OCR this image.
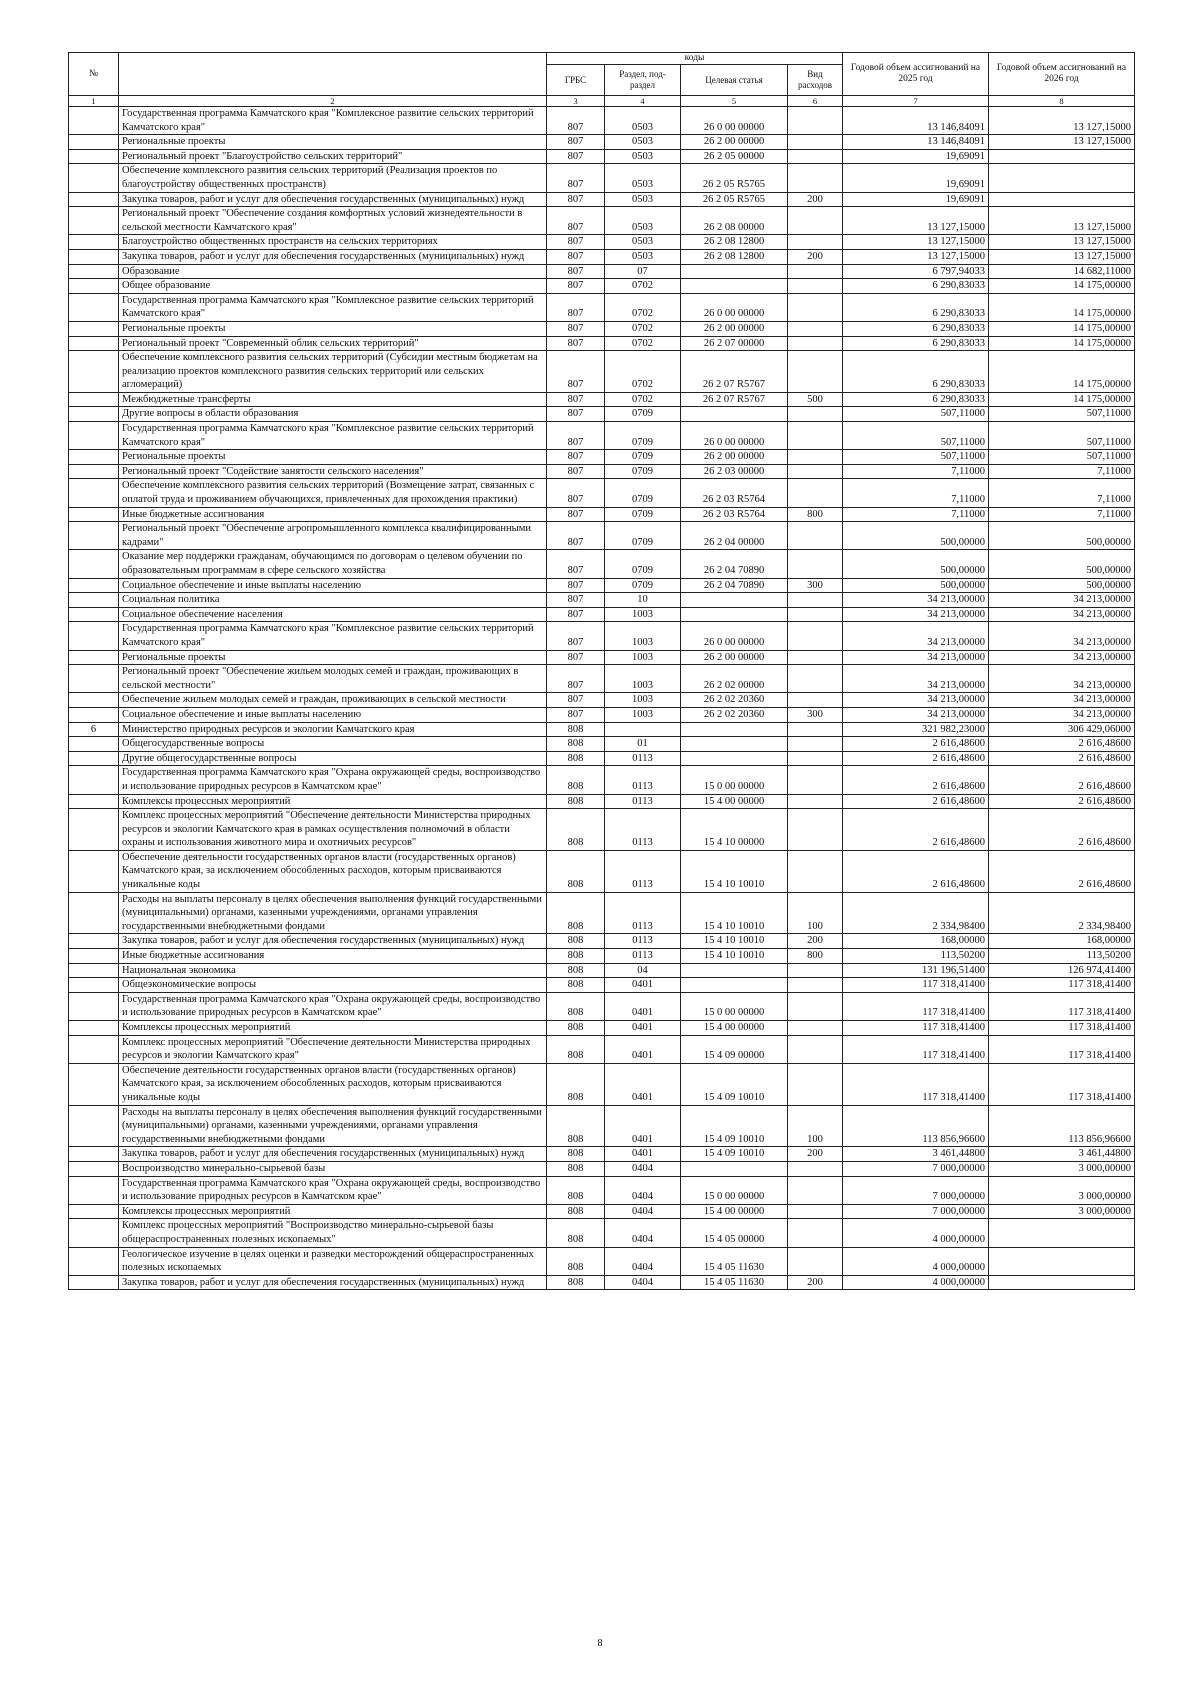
№		коды				Годовой объем ассигнований на 2025 год	Годовой объем ассигнований на 2026 год
		ГРБС	Раздел, под-раздел	Целевая статья	Вид расходов		
1	2	3	4	5	6	7	8
	Государственная программа Камчатского края "Комплексное развитие сельских территорий Камчатского края"	807	0503	26 0 00 00000		13 146,84091	13 127,15000
	Региональные проекты	807	0503	26 2 00 00000		13 146,84091	13 127,15000
	Региональный проект "Благоустройство сельских территорий"	807	0503	26 2 05 00000		19,69091	
	Обеспечение комплексного развития сельских территорий (Реализация проектов по благоустройству общественных пространств)	807	0503	26 2 05 R5765		19,69091	
	Закупка товаров, работ и услуг для обеспечения государственных (муниципальных) нужд	807	0503	26 2 05 R5765	200	19,69091	
	Региональный проект "Обеспечение создания комфортных условий жизнедеятельности в сельской местности Камчатского края"	807	0503	26 2 08 00000		13 127,15000	13 127,15000
	Благоустройство общественных пространств на сельских территориях	807	0503	26 2 08 12800		13 127,15000	13 127,15000
	Закупка товаров, работ и услуг для обеспечения государственных (муниципальных) нужд	807	0503	26 2 08 12800	200	13 127,15000	13 127,15000
	Образование	807	07			6 797,94033	14 682,11000
	Общее образование	807	0702			6 290,83033	14 175,00000
	Государственная программа Камчатского края "Комплексное развитие сельских территорий Камчатского края"	807	0702	26 0 00 00000		6 290,83033	14 175,00000
	Региональные проекты	807	0702	26 2 00 00000		6 290,83033	14 175,00000
	Региональный проект "Современный облик сельских территорий"	807	0702	26 2 07 00000		6 290,83033	14 175,00000
	Обеспечение комплексного развития сельских территорий (Субсидии местным бюджетам на реализацию проектов комплексного развития сельских территорий или сельских агломераций)	807	0702	26 2 07 R5767		6 290,83033	14 175,00000
	Межбюджетные трансферты	807	0702	26 2 07 R5767	500	6 290,83033	14 175,00000
	Другие вопросы в области образования	807	0709			507,11000	507,11000
	Государственная программа Камчатского края "Комплексное развитие сельских территорий Камчатского края"	807	0709	26 0 00 00000		507,11000	507,11000
	Региональные проекты	807	0709	26 2 00 00000		507,11000	507,11000
	Региональный проект "Содействие занятости сельского населения"	807	0709	26 2 03 00000		7,11000	7,11000
	Обеспечение комплексного развития сельских территорий (Возмещение затрат, связанных с оплатой труда и проживанием обучающихся, привлеченных для прохождения практики)	807	0709	26 2 03 R5764		7,11000	7,11000
	Иные бюджетные ассигнования	807	0709	26 2 03 R5764	800	7,11000	7,11000
	Региональный проект "Обеспечение агропромышленного комплекса квалифицированными кадрами"	807	0709	26 2 04 00000		500,00000	500,00000
	Оказание мер поддержки гражданам, обучающимся по договорам о целевом обучении по образовательным программам в сфере сельского хозяйства	807	0709	26 2 04 70890		500,00000	500,00000
	Социальное обеспечение и иные выплаты населению	807	0709	26 2 04 70890	300	500,00000	500,00000
	Социальная политика	807	10			34 213,00000	34 213,00000
	Социальное обеспечение населения	807	1003			34 213,00000	34 213,00000
	Государственная программа Камчатского края "Комплексное развитие сельских территорий Камчатского края"	807	1003	26 0 00 00000		34 213,00000	34 213,00000
	Региональные проекты	807	1003	26 2 00 00000		34 213,00000	34 213,00000
	Региональный проект "Обеспечение жильем молодых семей и граждан, проживающих в сельской местности"	807	1003	26 2 02 00000		34 213,00000	34 213,00000
	Обеспечение жильем молодых семей и граждан, проживающих в сельской местности	807	1003	26 2 02 20360		34 213,00000	34 213,00000
	Социальное обеспечение и иные выплаты населению	807	1003	26 2 02 20360	300	34 213,00000	34 213,00000
6	Министерство природных ресурсов и экологии Камчатского края	808				321 982,23000	306 429,06000
	Общегосударственные вопросы	808	01			2 616,48600	2 616,48600
	Другие общегосударственные вопросы	808	0113			2 616,48600	2 616,48600
	Государственная программа Камчатского края "Охрана окружающей среды, воспроизводство и использование природных ресурсов в Камчатском крае"	808	0113	15 0 00 00000		2 616,48600	2 616,48600
	Комплексы процессных мероприятий	808	0113	15 4 00 00000		2 616,48600	2 616,48600
	Комплекс процессных мероприятий "Обеспечение деятельности Министерства природных ресурсов и экологии Камчатского края в рамках осуществления полномочий в области охраны и использования животного мира и охотничьих ресурсов"	808	0113	15 4 10 00000		2 616,48600	2 616,48600
	Обеспечение деятельности государственных органов власти (государственных органов) Камчатского края, за исключением обособленных расходов, которым присваиваются уникальные коды	808	0113	15 4 10 10010		2 616,48600	2 616,48600
	Расходы на выплаты персоналу в целях обеспечения выполнения функций государственными (муниципальными) органами, казенными учреждениями, органами управления государственными внебюджетными фондами	808	0113	15 4 10 10010	100	2 334,98400	2 334,98400
	Закупка товаров, работ и услуг для обеспечения государственных (муниципальных) нужд	808	0113	15 4 10 10010	200	168,00000	168,00000
	Иные бюджетные ассигнования	808	0113	15 4 10 10010	800	113,50200	113,50200
	Национальная экономика	808	04			131 196,51400	126 974,41400
	Общеэкономические вопросы	808	0401			117 318,41400	117 318,41400
	Государственная программа Камчатского края "Охрана окружающей среды, воспроизводство и использование природных ресурсов в Камчатском крае"	808	0401	15 0 00 00000		117 318,41400	117 318,41400
	Комплексы процессных мероприятий	808	0401	15 4 00 00000		117 318,41400	117 318,41400
	Комплекс процессных мероприятий "Обеспечение деятельности Министерства природных ресурсов и экологии Камчатского края"	808	0401	15 4 09 00000		117 318,41400	117 318,41400
	Обеспечение деятельности государственных органов власти (государственных органов) Камчатского края, за исключением обособленных расходов, которым присваиваются уникальные коды	808	0401	15 4 09 10010		117 318,41400	117 318,41400
	Расходы на выплаты персоналу в целях обеспечения выполнения функций государственными (муниципальными) органами, казенными учреждениями, органами управления государственными внебюджетными фондами	808	0401	15 4 09 10010	100	113 856,96600	113 856,96600
	Закупка товаров, работ и услуг для обеспечения государственных (муниципальных) нужд	808	0401	15 4 09 10010	200	3 461,44800	3 461,44800
	Воспроизводство минерально-сырьевой базы	808	0404			7 000,00000	3 000,00000
	Государственная программа Камчатского края "Охрана окружающей среды, воспроизводство и использование природных ресурсов в Камчатском крае"	808	0404	15 0 00 00000		7 000,00000	3 000,00000
	Комплексы процессных мероприятий	808	0404	15 4 00 00000		7 000,00000	3 000,00000
	Комплекс процессных мероприятий "Воспроизводство минерально-сырьевой базы общераспространенных полезных ископаемых"	808	0404	15 4 05 00000		4 000,00000	
	Геологическое изучение в целях оценки и разведки месторождений общераспространенных полезных ископаемых	808	0404	15 4 05 11630		4 000,00000	
	Закупка товаров, работ и услуг для обеспечения государственных (муниципальных) нужд	808	0404	15 4 05 11630	200	4 000,00000	
8
